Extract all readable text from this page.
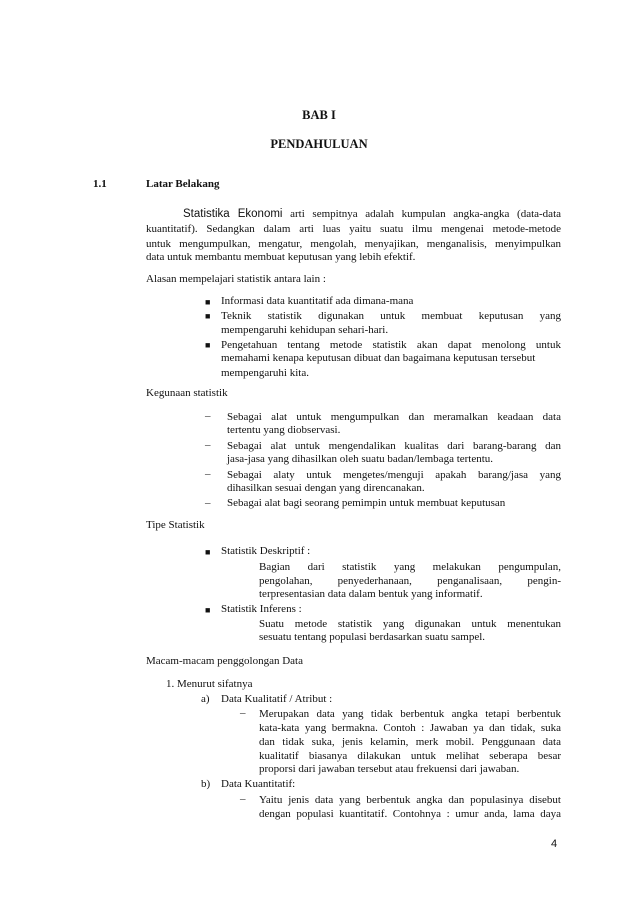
BAB I
PENDAHULUAN
1.1	Latar Belakang
Statistika Ekonomi arti sempitnya adalah kumpulan angka-angka (data-data
kuantitatif). Sedangkan dalam arti luas yaitu suatu ilmu mengenai metode-metode
untuk mengumpulkan, mengatur, mengolah, menyajikan, menganalisis, menyimpulkan
data untuk membantu membuat keputusan yang lebih efektif.
Alasan mempelajari statistik antara lain :
■ Informasi data kuantitatif ada dimana-mana
■ Teknik statistik digunakan untuk membuat keputusan yang
mempengaruhi kehidupan sehari-hari.
■ Pengetahuan tentang metode statistik akan dapat menolong untuk
memahami kenapa keputusan dibuat dan bagaimana keputusan tersebut
mempengaruhi kita.
Kegunaan statistik
– Sebagai alat untuk mengumpulkan dan meramalkan keadaan data
tertentu yang diobservasi.
– Sebagai alat untuk mengendalikan kualitas dari barang-barang dan
jasa-jasa yang dihasilkan oleh suatu badan/lembaga tertentu.
– Sebagai alaty untuk mengetes/menguji apakah barang/jasa yang
dihasilkan sesuai dengan yang direncanakan.
– Sebagai alat bagi seorang pemimpin untuk membuat keputusan
Tipe Statistik
■ Statistik Deskriptif :
Bagian dari statistik yang melakukan pengumpulan,
pengolahan, penyederhanaan, penganalisaan, pengin-
terpresentasian data dalam bentuk yang informatif.
■ Statistik Inferens :
Suatu metode statistik yang digunakan untuk menentukan
sesuatu tentang populasi berdasarkan suatu sampel.
Macam-macam penggolongan Data
1. Menurut sifatnya
a) Data Kualitatif / Atribut :
– Merupakan data yang tidak berbentuk angka tetapi berbentuk
kata-kata yang bermakna. Contoh : Jawaban ya dan tidak, suka
dan tidak suka, jenis kelamin, merk mobil. Penggunaan data
kualitatif biasanya dilakukan untuk melihat seberapa besar
proporsi dari jawaban tersebut atau frekuensi dari jawaban.
b) Data Kuantitatif:
– Yaitu jenis data yang berbentuk angka dan populasinya disebut
dengan populasi kuantitatif. Contohnya : umur anda, lama daya
4
